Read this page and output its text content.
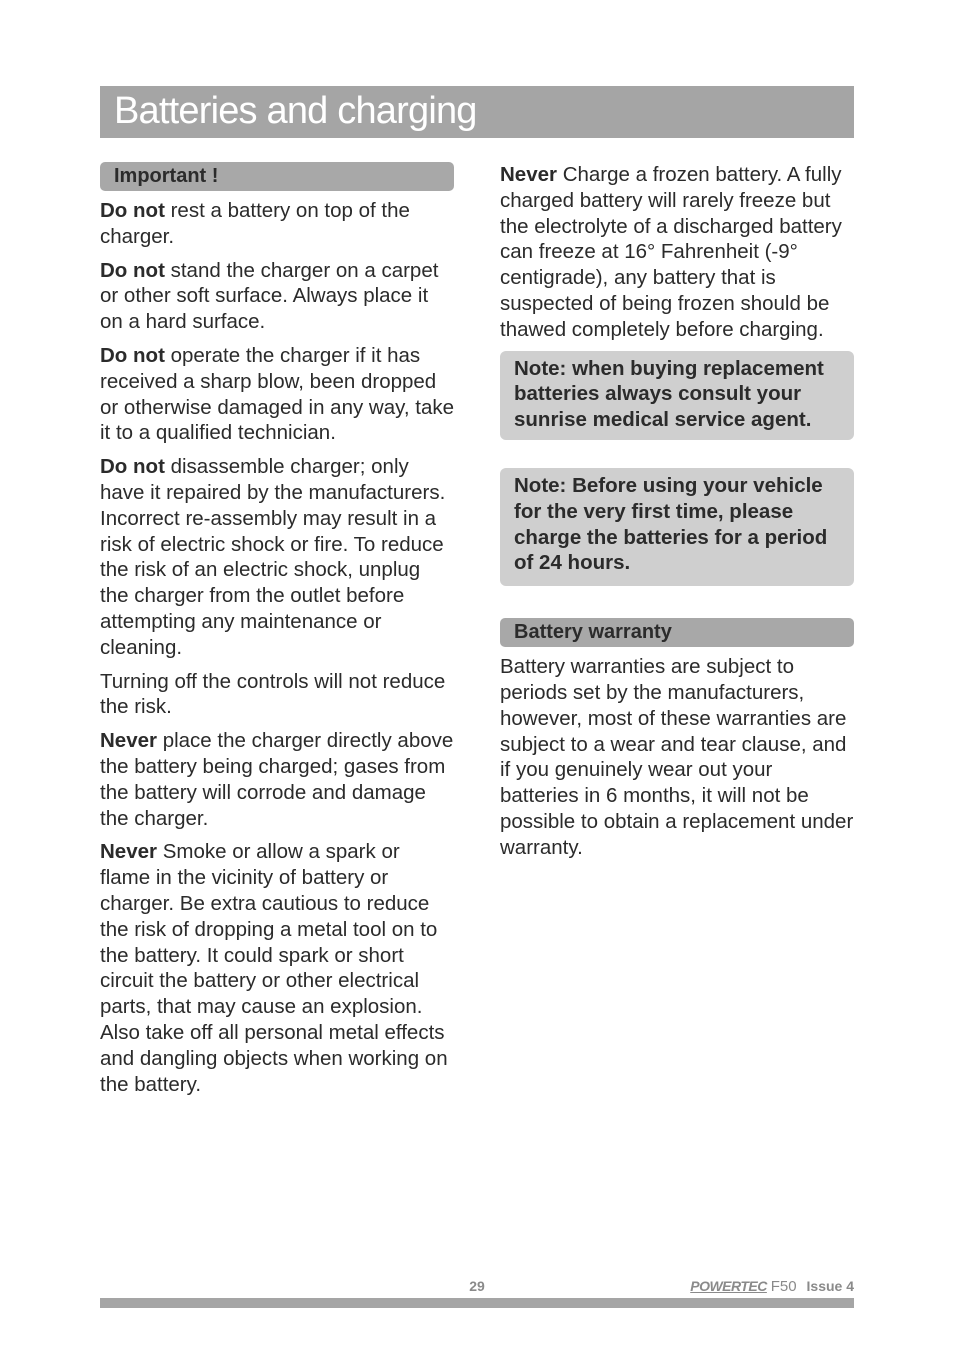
Batteries and charging
Important !

Do not rest a battery on top of the charger.

Do not stand the charger on a carpet or other soft surface. Always place it on a hard surface.

Do not operate the charger if it has received a sharp blow, been dropped or otherwise damaged in any way, take it to a qualified technician.

Do not disassemble charger; only have it repaired by the manufacturers. Incorrect re-assembly may result in a risk of electric shock or fire. To reduce the risk of an electric shock, unplug the charger from the outlet before attempting any maintenance or cleaning.

Turning off the controls will not reduce the risk.

Never place the charger directly above the battery being charged; gases from the battery will corrode and damage the charger.

Never Smoke or allow a spark or flame in the vicinity of battery or charger. Be extra cautious to reduce the risk of dropping a metal tool on to the battery. It could spark or short circuit the battery or other electrical parts, that may cause an explosion. Also take off all personal metal effects and dangling objects when working on the battery.

Never Charge a frozen battery. A fully charged battery will rarely freeze but the electrolyte of a discharged battery can freeze at 16° Fahrenheit (-9° centigrade), any battery that is suspected of being frozen should be thawed completely before charging.

Note: when buying replacement batteries always consult your sunrise medical service agent.
Note: Before using your vehicle for the very first time, please charge the batteries for a period of 24 hours.
Battery warranty

Battery warranties are subject to periods set by the manufacturers, however, most of these warranties are subject to a wear and tear clause, and if you genuinely wear out your batteries in 6 months, it will not be possible to obtain a replacement under warranty.

29	POWERTEC F50 Issue 4
